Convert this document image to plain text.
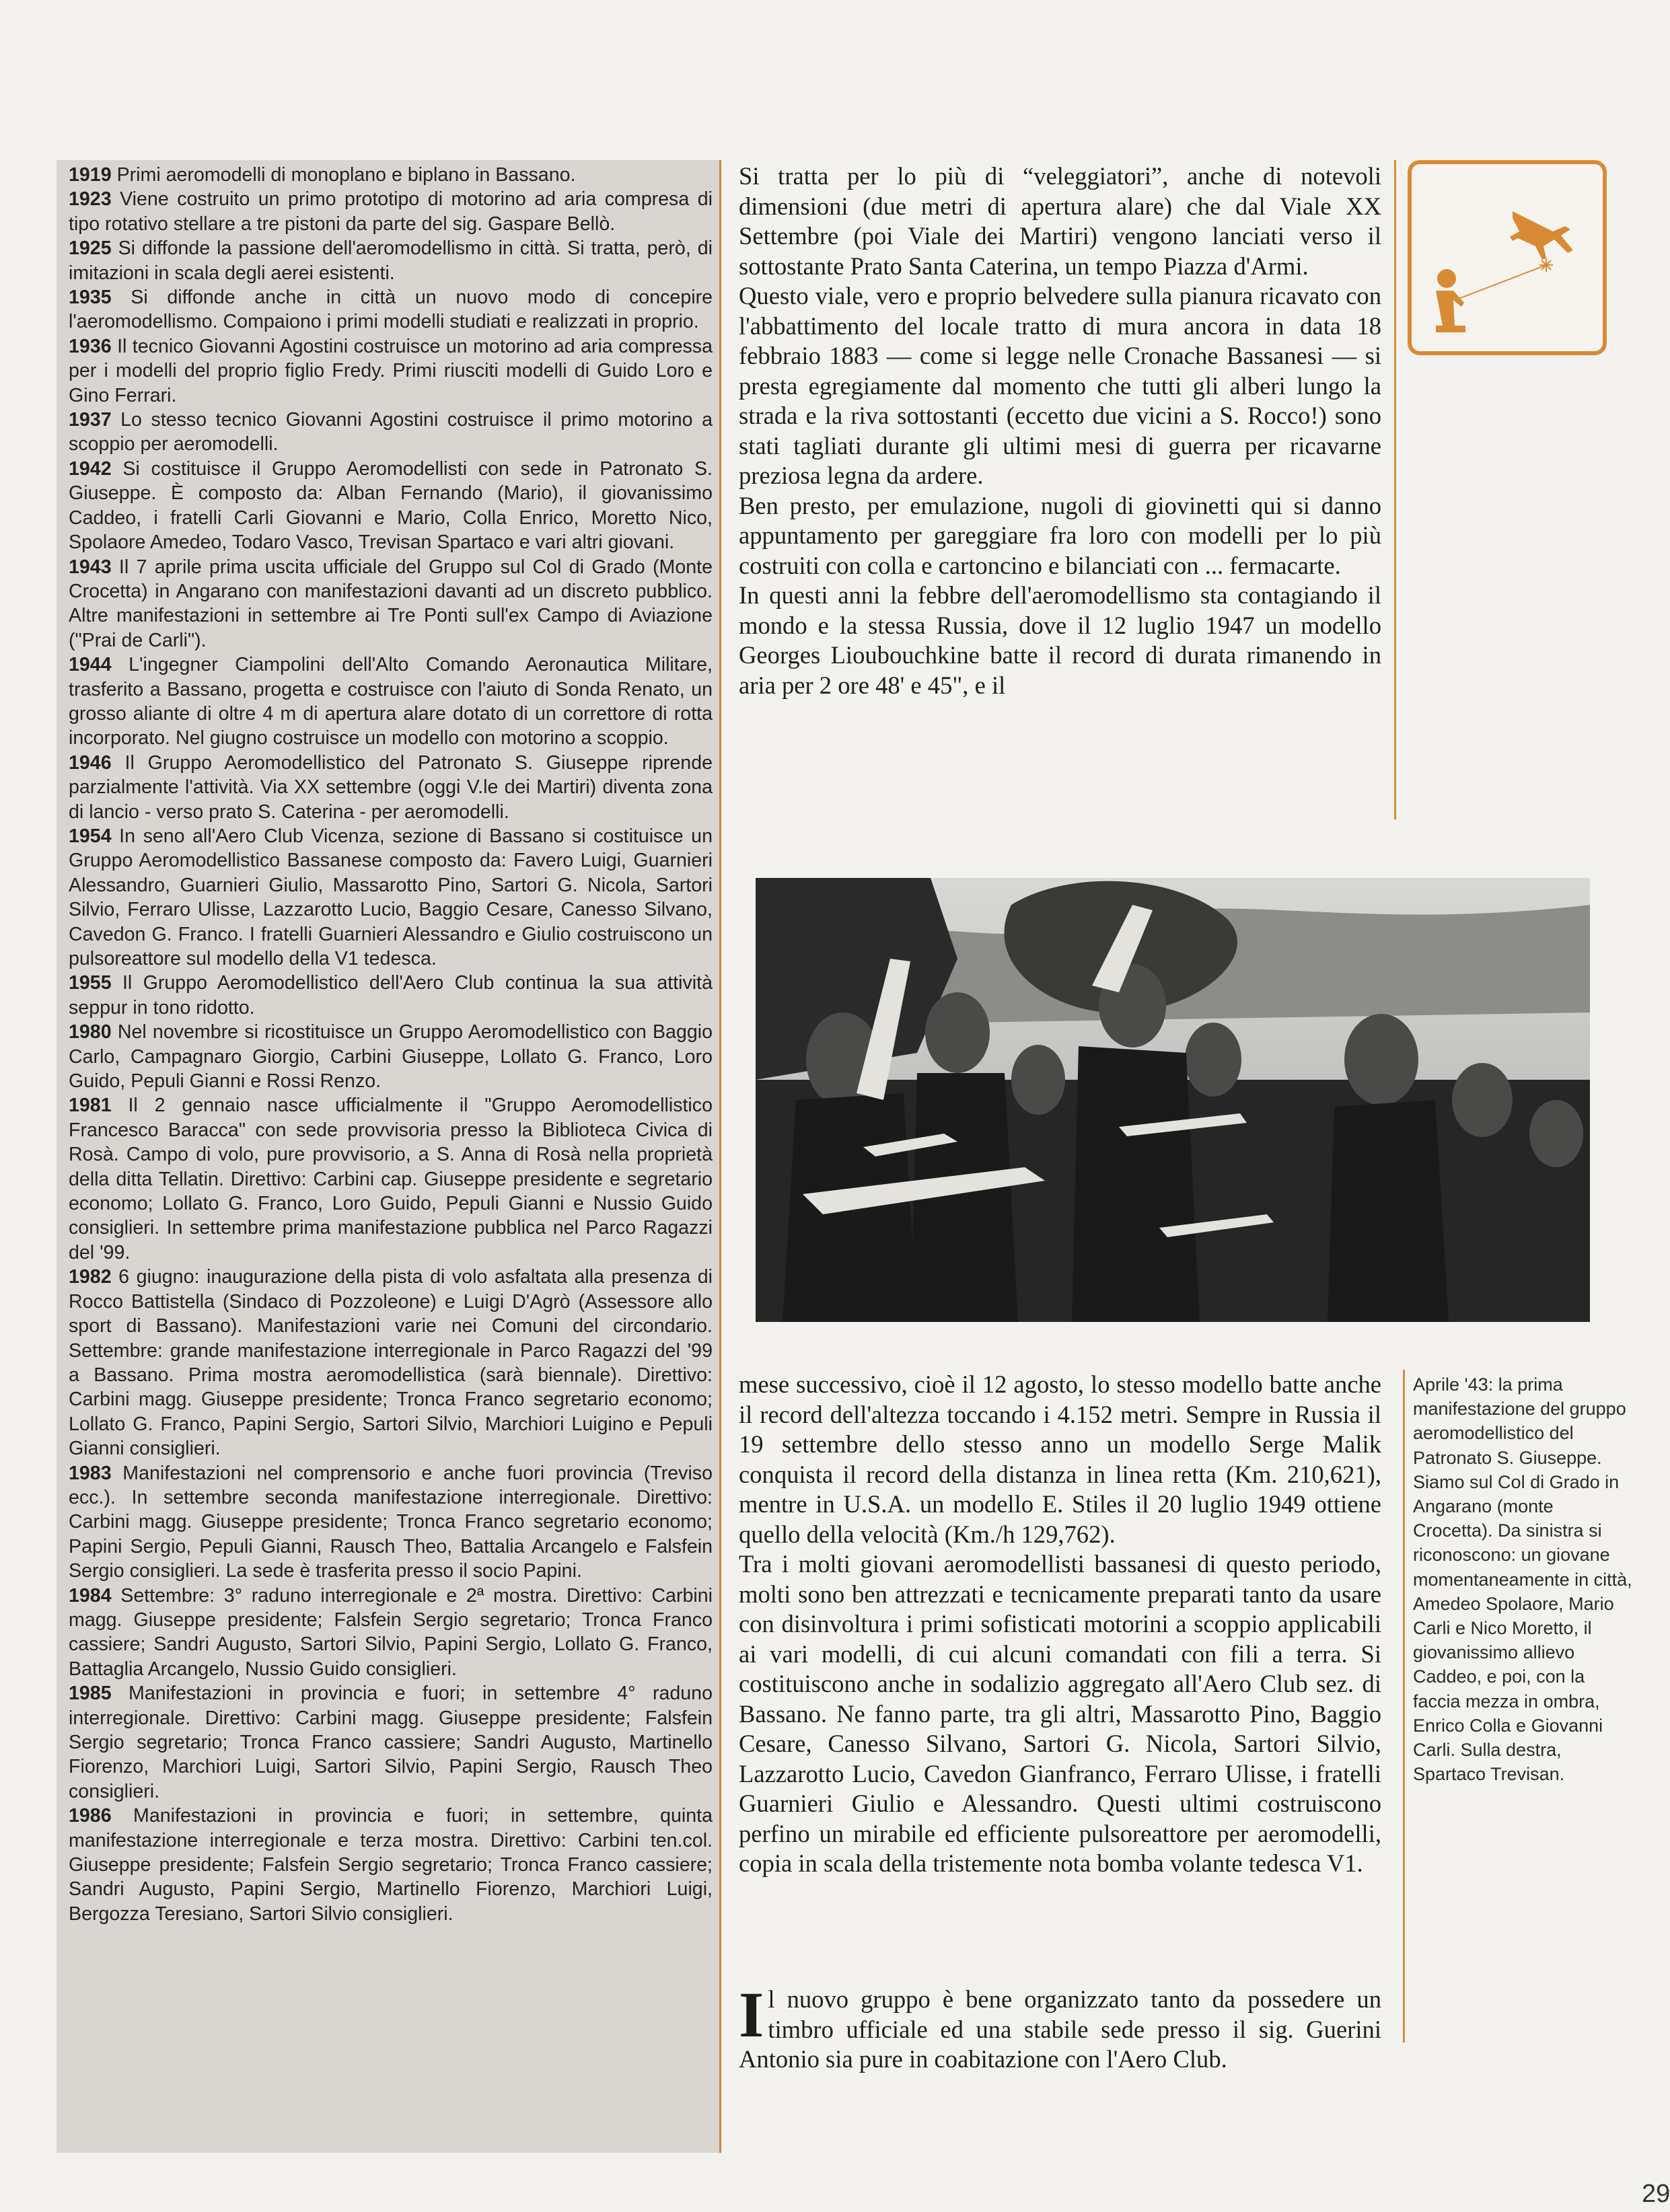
1919 Primi aeromodelli di monoplano e biplano in Bassano.

1923 Viene costruito un primo prototipo di motorino ad aria compresa di tipo rotativo stellare a tre pistoni da parte del sig. Gaspare Bellò.

1925 Si diffonde la passione dell'aeromodellismo in città. Si tratta, però, di imitazioni in scala degli aerei esistenti.

1935 Si diffonde anche in città un nuovo modo di concepire l'aeromodellismo. Compaiono i primi modelli studiati e realizzati in proprio.

1936 Il tecnico Giovanni Agostini costruisce un motorino ad aria compressa per i modelli del proprio figlio Fredy. Primi riusciti modelli di Guido Loro e Gino Ferrari.

1937 Lo stesso tecnico Giovanni Agostini costruisce il primo motorino a scoppio per aeromodelli.

1942 Si costituisce il Gruppo Aeromodellisti con sede in Patronato S. Giuseppe. È composto da: Alban Fernando (Mario), il giovanissimo Caddeo, i fratelli Carli Giovanni e Mario, Colla Enrico, Moretto Nico, Spolaore Amedeo, Todaro Vasco, Trevisan Spartaco e vari altri giovani.

1943 Il 7 aprile prima uscita ufficiale del Gruppo sul Col di Grado (Monte Crocetta) in Angarano con manifestazioni davanti ad un discreto pubblico. Altre manifestazioni in settembre ai Tre Ponti sull'ex Campo di Aviazione ("Prai de Carli").

1944 L'ingegner Ciampolini dell'Alto Comando Aeronautica Militare, trasferito a Bassano, progetta e costruisce con l'aiuto di Sonda Renato, un grosso aliante di oltre 4 m di apertura alare dotato di un correttore di rotta incorporato. Nel giugno costruisce un modello con motorino a scoppio.

1946 Il Gruppo Aeromodellistico del Patronato S. Giuseppe riprende parzialmente l'attività. Via XX settembre (oggi V.le dei Martiri) diventa zona di lancio - verso prato S. Caterina - per aeromodelli.

1954 In seno all'Aero Club Vicenza, sezione di Bassano si costituisce un Gruppo Aeromodellistico Bassanese composto da: Favero Luigi, Guarnieri Alessandro, Guarnieri Giulio, Massarotto Pino, Sartori G. Nicola, Sartori Silvio, Ferraro Ulisse, Lazzarotto Lucio, Baggio Cesare, Canesso Silvano, Cavedon G. Franco. I fratelli Guarnieri Alessandro e Giulio costruiscono un pulsoreattore sul modello della V1 tedesca.

1955 Il Gruppo Aeromodellistico dell'Aero Club continua la sua attività seppur in tono ridotto.

1980 Nel novembre si ricostituisce un Gruppo Aeromodellistico con Baggio Carlo, Campagnaro Giorgio, Carbini Giuseppe, Lollato G. Franco, Loro Guido, Pepuli Gianni e Rossi Renzo.

1981 Il 2 gennaio nasce ufficialmente il "Gruppo Aeromodellistico Francesco Baracca" con sede provvisoria presso la Biblioteca Civica di Rosà. Campo di volo, pure provvisorio, a S. Anna di Rosà nella proprietà della ditta Tellatin. Direttivo: Carbini cap. Giuseppe presidente e segretario economo; Lollato G. Franco, Loro Guido, Pepuli Gianni e Nussio Guido consiglieri. In settembre prima manifestazione pubblica nel Parco Ragazzi del '99.

1982 6 giugno: inaugurazione della pista di volo asfaltata alla presenza di Rocco Battistella (Sindaco di Pozzoleone) e Luigi D'Agrò (Assessore allo sport di Bassano). Manifestazioni varie nei Comuni del circondario. Settembre: grande manifestazione interregionale in Parco Ragazzi del '99 a Bassano. Prima mostra aeromodellistica (sarà biennale). Direttivo: Carbini magg. Giuseppe presidente; Tronca Franco segretario economo; Lollato G. Franco, Papini Sergio, Sartori Silvio, Marchiori Luigino e Pepuli Gianni consiglieri.

1983 Manifestazioni nel comprensorio e anche fuori provincia (Treviso ecc.). In settembre seconda manifestazione interregionale. Direttivo: Carbini magg. Giuseppe presidente; Tronca Franco segretario economo; Papini Sergio, Pepuli Gianni, Rausch Theo, Battalia Arcangelo e Falsfein Sergio consiglieri. La sede è trasferita presso il socio Papini.

1984 Settembre: 3° raduno interregionale e 2ª mostra. Direttivo: Carbini magg. Giuseppe presidente; Falsfein Sergio segretario; Tronca Franco cassiere; Sandri Augusto, Sartori Silvio, Papini Sergio, Lollato G. Franco, Battaglia Arcangelo, Nussio Guido consiglieri.

1985 Manifestazioni in provincia e fuori; in settembre 4° raduno interregionale. Direttivo: Carbini magg. Giuseppe presidente; Falsfein Sergio segretario; Tronca Franco cassiere; Sandri Augusto, Martinello Fiorenzo, Marchiori Luigi, Sartori Silvio, Papini Sergio, Rausch Theo consiglieri.

1986 Manifestazioni in provincia e fuori; in settembre, quinta manifestazione interregionale e terza mostra. Direttivo: Carbini ten.col. Giuseppe presidente; Falsfein Sergio segretario; Tronca Franco cassiere; Sandri Augusto, Papini Sergio, Martinello Fiorenzo, Marchiori Luigi, Bergozza Teresiano, Sartori Silvio consiglieri.

Si tratta per lo più di “veleggiatori”, anche di notevoli dimensioni (due metri di apertura alare) che dal Viale XX Settembre (poi Viale dei Martiri) vengono lanciati verso il sottostante Prato Santa Caterina, un tempo Piazza d'Armi.

Questo viale, vero e proprio belvedere sulla pianura ricavato con l'abbattimento del locale tratto di mura ancora in data 18 febbraio 1883 — come si legge nelle Cronache Bassanesi — si presta egregiamente dal momento che tutti gli alberi lungo la strada e la riva sottostanti (eccetto due vicini a S. Rocco!) sono stati tagliati durante gli ultimi mesi di guerra per ricavarne preziosa legna da ardere.

Ben presto, per emulazione, nugoli di giovinetti qui si danno appuntamento per gareggiare fra loro con modelli per lo più costruiti con colla e cartoncino e bilanciati con ... fermacarte.

In questi anni la febbre dell'aeromodellismo sta contagiando il mondo e la stessa Russia, dove il 12 luglio 1947 un modello Georges Lioubouchkine batte il record di durata rimanendo in aria per 2 ore 48' e 45", e il

mese successivo, cioè il 12 agosto, lo stesso modello batte anche il record dell'altezza toccando i 4.152 metri. Sempre in Russia il 19 settembre dello stesso anno un modello Serge Malik conquista il record della distanza in linea retta (Km. 210,621), mentre in U.S.A. un modello E. Stiles il 20 luglio 1949 ottiene quello della velocità (Km./h 129,762).

Tra i molti giovani aeromodellisti bassanesi di questo periodo, molti sono ben attrezzati e tecnicamente preparati tanto da usare con disinvoltura i primi sofisticati motorini a scoppio applicabili ai vari modelli, di cui alcuni comandati con fili a terra. Si costituiscono anche in sodalizio aggregato all'Aero Club sez. di Bassano. Ne fanno parte, tra gli altri, Massarotto Pino, Baggio Cesare, Canesso Silvano, Sartori G. Nicola, Sartori Silvio, Lazzarotto Lucio, Cavedon Gianfranco, Ferraro Ulisse, i fratelli Guarnieri Giulio e Alessandro. Questi ultimi costruiscono perfino un mirabile ed efficiente pulsoreattore per aeromodelli, copia in scala della tristemente nota bomba volante tedesca V1.

Il nuovo gruppo è bene organizzato tanto da possedere un timbro ufficiale ed una stabile sede presso il sig. Guerini Antonio sia pure in coabitazione con l'Aero Club.

Aprile '43: la prima manifestazione del gruppo aeromodellistico del Patronato S. Giuseppe. Siamo sul Col di Grado in Angarano (monte Crocetta). Da sinistra si riconoscono: un giovane momentaneamente in città, Amedeo Spolaore, Mario Carli e Nico Moretto, il giovanissimo allievo Caddeo, e poi, con la faccia mezza in ombra, Enrico Colla e Giovanni Carli. Sulla destra, Spartaco Trevisan.
29
